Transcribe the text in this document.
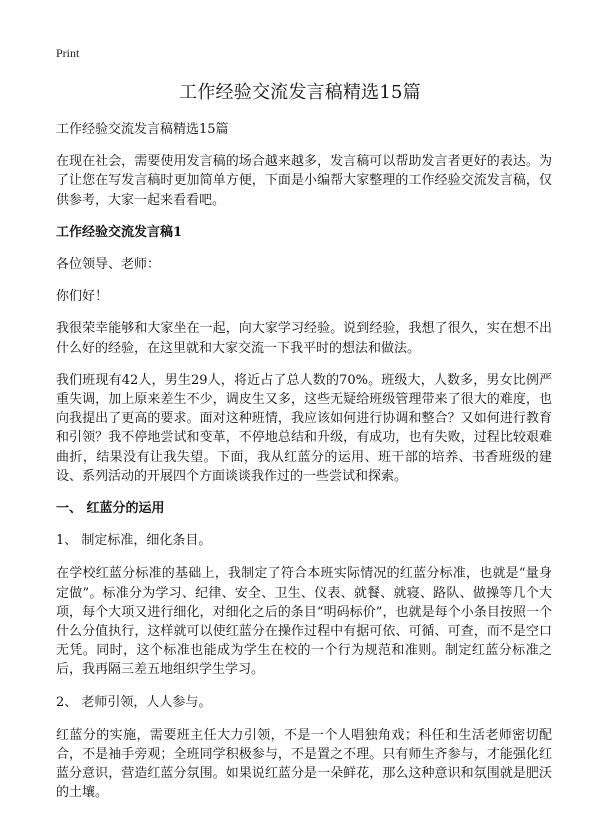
Print
工作经验交流发言稿精选15篇

工作经验交流发言稿精选15篇

在现在社会，需要使用发言稿的场合越来越多，发言稿可以帮助发言者更好的表达。为了让您在写发言稿时更加简单方便，下面是小编帮大家整理的工作经验交流发言稿，仅供参考，大家一起来看看吧。

工作经验交流发言稿1

各位领导、老师：

你们好！

我很荣幸能够和大家坐在一起，向大家学习经验。说到经验，我想了很久，实在想不出什么好的经验，在这里就和大家交流一下我平时的想法和做法。

我们班现有42人，男生29人，将近占了总人数的70%。班级大，人数多，男女比例严重失调，加上原来差生不少，调皮生又多，这些无疑给班级管理带来了很大的难度，也向我提出了更高的要求。面对这种班情，我应该如何进行协调和整合？又如何进行教育和引领？我不停地尝试和变革，不停地总结和升级，有成功，也有失败，过程比较艰难曲折，结果没有让我失望。下面，我从红蓝分的运用、班干部的培养、书香班级的建设、系列活动的开展四个方面谈谈我作过的一些尝试和探索。

一、 红蓝分的运用

1、 制定标准，细化条目。

在学校红蓝分标准的基础上，我制定了符合本班实际情况的红蓝分标准，也就是“量身定做”。标准分为学习、纪律、安全、卫生、仪表、就餐、就寝、路队、做操等几个大项，每个大项又进行细化，对细化之后的条目“明码标价”，也就是每个小条目按照一个什么分值执行，这样就可以使红蓝分在操作过程中有据可依、可循、可查，而不是空口无凭。同时，这个标准也能成为学生在校的一个行为规范和准则。制定红蓝分标准之后，我再隔三差五地组织学生学习。

2、 老师引领，人人参与。

红蓝分的实施，需要班主任大力引领，不是一个人唱独角戏；科任和生活老师密切配合，不是袖手旁观；全班同学积极参与，不是置之不理。只有师生齐参与，才能强化红蓝分意识，营造红蓝分氛围。如果说红蓝分是一朵鲜花，那么这种意识和氛围就是肥沃的土壤。
